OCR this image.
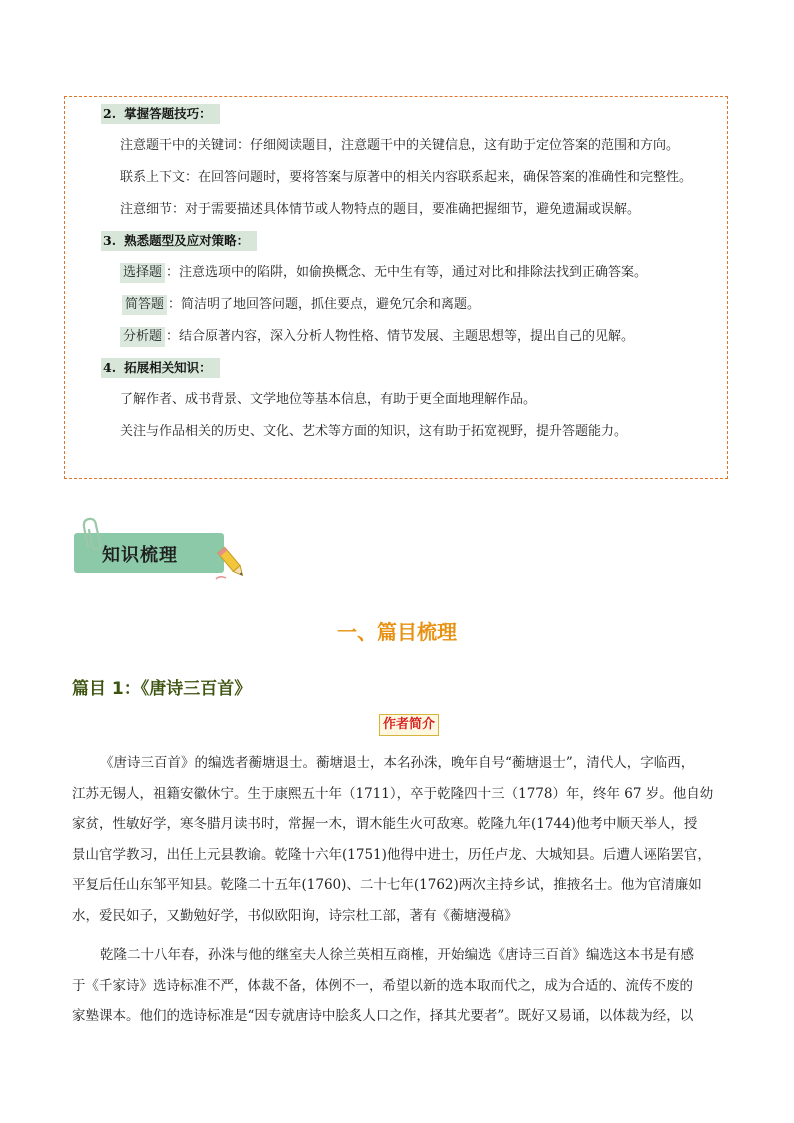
2. 掌握答题技巧：
注意题干中的关键词：仔细阅读题目，注意题干中的关键信息，这有助于定位答案的范围和方向。
联系上下文：在回答问题时，要将答案与原著中的相关内容联系起来，确保答案的准确性和完整性。
注意细节：对于需要描述具体情节或人物特点的题目，要准确把握细节，避免遗漏或误解。
3. 熟悉题型及应对策略：
选择题 ：注意选项中的陷阱，如偷换概念、无中生有等，通过对比和排除法找到正确答案。
简答题 ：简洁明了地回答问题，抓住要点，避免冗余和离题。
分析题 ：结合原著内容，深入分析人物性格、情节发展、主题思想等，提出自己的见解。
4. 拓展相关知识：
了解作者、成书背景、文学地位等基本信息，有助于更全面地理解作品。
关注与作品相关的历史、文化、艺术等方面的知识，这有助于拓宽视野，提升答题能力。
知识梳理
一、篇目梳理
篇目 1：《唐诗三百首》
作者简介
《唐诗三百首》的编选者蘅塘退士。蘅塘退士，本名孙洙，晚年自号“蘅塘退士”，清代人，字临西，
江苏无锡人，祖籍安徽休宁。生于康熙五十年（1711），卒于乾隆四十三（1778）年，终年 67 岁。他自幼
家贫，性敏好学，寒冬腊月读书时，常握一木，谓木能生火可敌寒。乾隆九年(1744)他考中顺天举人，授
景山官学教习，出任上元县教谕。乾隆十六年(1751)他得中进士，历任卢龙、大城知县。后遭人诬陷罢官，
平复后任山东邹平知县。乾隆二十五年(1760)、二十七年(1762)两次主持乡试，推掖名士。他为官清廉如
水，爱民如子，又勤勉好学，书似欧阳询，诗宗杜工部，著有《蘅塘漫稿》
乾隆二十八年春，孙洙与他的继室夫人徐兰英相互商榷，开始编选《唐诗三百首》编选这本书是有感
于《千家诗》选诗标准不严，体裁不备，体例不一，希望以新的选本取而代之，成为合适的、流传不废的
家塾课本。他们的选诗标准是“因专就唐诗中脍炙人口之作，择其尤要者”。既好又易诵，以体裁为经，以
